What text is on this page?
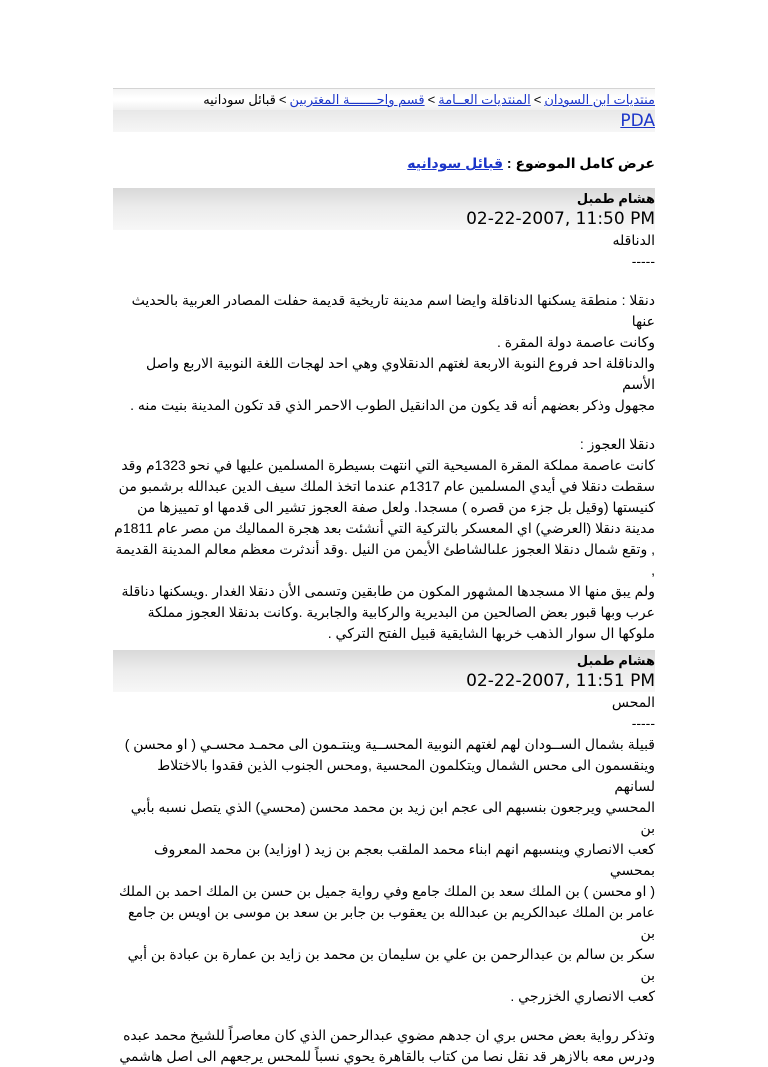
منتديات ابن السودان>المنتديات العــامة>قسم واحـــــــة المغتربين>قبائل سودانيه
PDA
عرض كامل الموضوع : قبائل سودانيه
هشام طمبل
02-22-2007, 11:50 PM

الدناقله

-----

دنقلا : منطقة يسكنها الدناقلة وايضا اسم مدينة تاريخية قديمة حفلت المصادر العربية بالحديث عنها

وكانت عاصمة دولة المقرة .

والدناقلة احد فروع النوبة الاربعة لغتهم الدنقلاوي وهي احد لهجات اللغة النوبية الاربع واصل الأسم

مجهول وذكر بعضهم أنه قد يكون من الدانقيل الطوب الاحمر الذي قد تكون المدينة بنيت منه .

دنقلا العجوز :

كانت عاصمة مملكة المقرة المسيحية التي انتهت بسيطرة المسلمين عليها في نحو 1323م وقد

سقطت دنقلا في أيدي المسلمين عام 1317م عندما اتخذ الملك سيف الدين عبدالله برشمبو من

كنيستها (وقيل بل جزء من قصره ) مسجدا. ولعل صفة العجوز تشير الى قدمها او تمييزها من

مدينة دنقلا (العرضي) اي المعسكر بالتركية التي أنشئت بعد هجرة المماليك من مصر عام 1811م

, وتقع شمال دنقلا العجوز علىالشاطئ الأيمن من النيل .وقد أندثرت معظم معالم المدينة القديمة ,

ولم يبق منها الا مسجدها المشهور المكون من طابقين وتسمى الأن دنقلا الغدار .ويسكنها دناقلة

عرب وبها قبور بعض الصالحين من البديرية والركابية والجابرية .وكانت بدنقلا العجوز مملكة

ملوكها ال سوار الذهب خربها الشايقية قبيل الفتح التركي .

هشام طمبل
02-22-2007, 11:51 PM

المحس

-----

قبيلة بشمال الســودان لهم لغتهم النوبية المحســية وينتـمون الى محمـد محسـي ( او محسن )

وينقسمون الى محس الشمال ويتكلمون المحسية ,ومحس الجنوب الذين فقدوا بالاختلاط لسانهم

المحسي ويرجعون بنسبهم الى عجم ابن زيد بن محمد محسن (محسي) الذي يتصل نسبه بأبي بن

كعب الانصاري وينسبهم انهم ابناء محمد الملقب بعجم بن زيد ( اوزايد) بن محمد المعروف بمحسي

( او محسن ) بن الملك سعد بن الملك جامع وفي رواية جميل بن حسن بن الملك احمد بن الملك

عامر بن الملك عبدالكريم بن عبدالله بن يعقوب بن جابر بن سعد بن موسى بن اويس بن جامع بن

سكر بن سالم بن عبدالرحمن بن علي بن سليمان بن محمد بن زايد بن عمارة بن عبادة بن أبي بن

كعب الانصاري الخزرجي .

وتذكر رواية بعض محس بري ان جدهم مضوي عبدالرحمن الذي كان معاصراً للشيخ محمد عبده

ودرس معه بالازهر قد نقل نصا من كتاب بالقاهرة يحوي نسباً للمحس يرجعهم الى اصل هاشمي
